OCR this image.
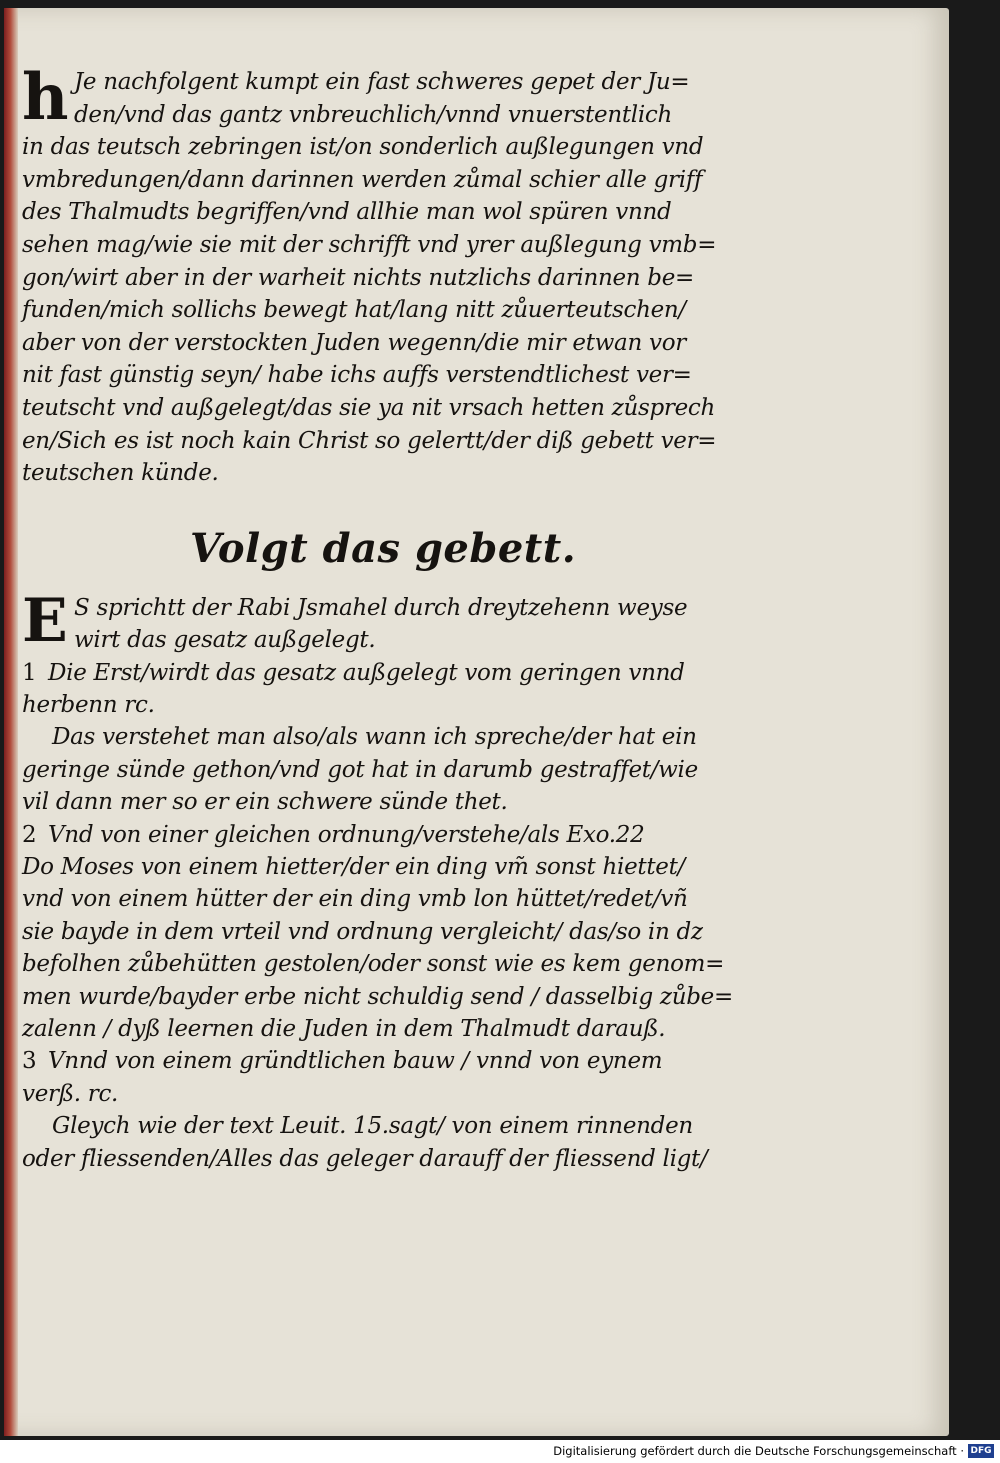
h Je nachfolgent kumpt ein fast schweres gepet der Ju=
den/vnd das gantz vnbreuchlich/vnnd vnuerstentlich
in das teutsch zebringen ist/on sonderlich außlegungen vnd
vmbredungen/dann darinnen werden zůmal schier alle griff
des Thalmudts begriffen/vnd allhie man wol spüren vnnd
sehen mag/wie sie mit der schrifft vnd yrer außlegung vmb=
gon/wirt aber in der warheit nichts nutzlichs darinnen be=
funden/mich sollichs bewegt hat/lang nitt zůuerteutschen/
aber von der verstockten Juden wegenn/die mir etwan vor
nit fast günstig seyn/ habe ichs auffs verstendtlichest ver=
teutscht vnd außgelegt/das sie ya nit vrsach hetten zůsprech
en/Sich es ist noch kain Christ so gelertt/der diß gebett ver=
teutschen künde.
Volgt das gebett.
E S sprichtt der Rabi Jsmahel durch dreytzehenn weyse
wirt das gesatz außgelegt.
1 Die Erst/wirdt das gesatz außgelegt vom geringen vnnd
herbenn rc.
Das verstehet man also/als wann ich spreche/der hat ein
geringe sünde gethon/vnd got hat in darumb gestraffet/wie
vil dann mer so er ein schwere sünde thet.
2 Vnd von einer gleichen ordnung/verstehe/als Exo.22
Do Moses von einem hietter/der ein ding vm̃ sonst hiettet/
vnd von einem hütter der ein ding vmb lon hüttet/redet/vñ
sie bayde in dem vrteil vnd ordnung vergleicht/ das/so in dz
befolhen zůbehütten gestolen/oder sonst wie es kem genom=
men wurde/bayder erbe nicht schuldig send / dasselbig zůbe=
zalenn / dyß leernen die Juden in dem Thalmudt darauß.
3 Vnnd von einem gründtlichen bauw / vnnd von eynem
verß. rc.
Gleych wie der text Leuit. 15.sagt/ von einem rinnenden
oder fliessenden/Alles das geleger darauff der fliessend ligt/
Digitalisierung gefördert durch die Deutsche Forschungsgemeinschaft · DFG
